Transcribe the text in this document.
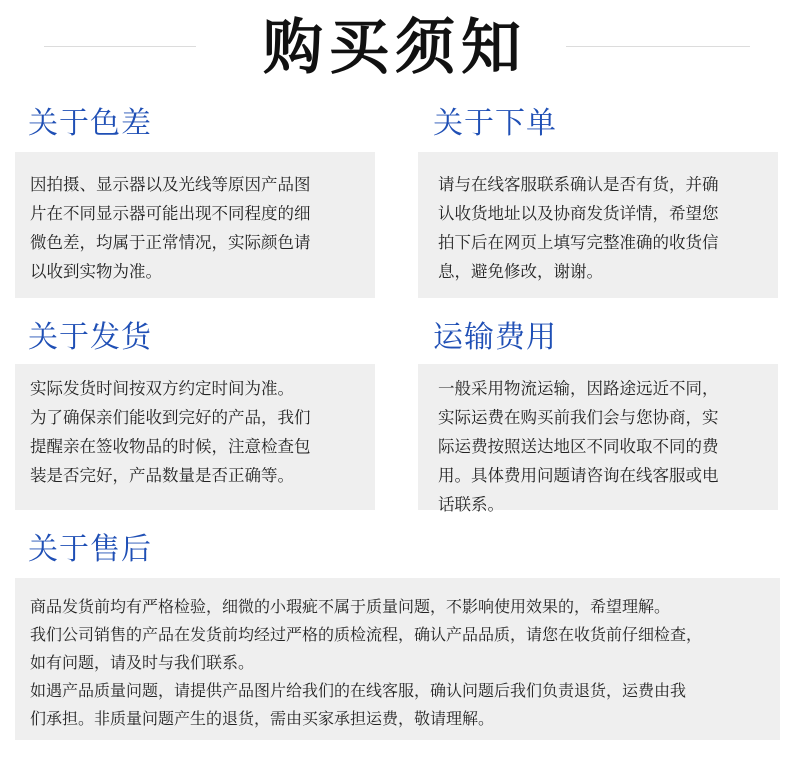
购买须知
关于色差

因拍摄、显示器以及光线等原因产品图

片在不同显示器可能出现不同程度的细

微色差，均属于正常情况，实际颜色请

以收到实物为准。

关于下单

请与在线客服联系确认是否有货，并确

认收货地址以及协商发货详情，希望您

拍下后在网页上填写完整准确的收货信

息，避免修改，谢谢。

关于发货

实际发货时间按双方约定时间为准。

为了确保亲们能收到完好的产品，我们

提醒亲在签收物品的时候，注意检查包

装是否完好，产品数量是否正确等。

运输费用

一般采用物流运输，因路途远近不同，

实际运费在购买前我们会与您协商，实

际运费按照送达地区不同收取不同的费

用。具体费用问题请咨询在线客服或电

话联系。

关于售后

商品发货前均有严格检验，细微的小瑕疵不属于质量问题，不影响使用效果的，希望理解。

我们公司销售的产品在发货前均经过严格的质检流程，确认产品品质，请您在收货前仔细检查，

如有问题，请及时与我们联系。

如遇产品质量问题，请提供产品图片给我们的在线客服，确认问题后我们负责退货，运费由我

们承担。非质量问题产生的退货，需由买家承担运费，敬请理解。
